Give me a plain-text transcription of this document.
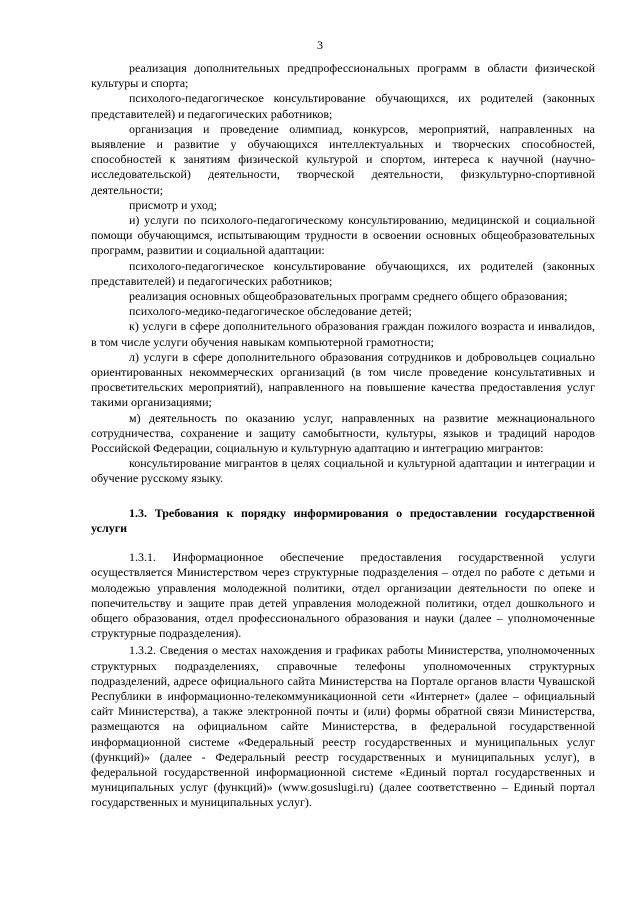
3

реализация дополнительных предпрофессиональных программ в области физической культуры и спорта;

психолого-педагогическое консультирование обучающихся, их родителей (законных представителей) и педагогических работников;

организация и проведение олимпиад, конкурсов, мероприятий, направленных на выявление и развитие у обучающихся интеллектуальных и творческих способностей, способностей к занятиям физической культурой и спортом, интереса к научной (научно-исследовательской) деятельности, творческой деятельности, физкультурно-спортивной деятельности;

присмотр и уход;

и) услуги по психолого-педагогическому консультированию, медицинской и социальной помощи обучающимся, испытывающим трудности в освоении основных общеобразовательных программ, развитии и социальной адаптации:

психолого-педагогическое консультирование обучающихся, их родителей (законных представителей) и педагогических работников;

реализация основных общеобразовательных программ среднего общего образования;

психолого-медико-педагогическое обследование детей;

к) услуги в сфере дополнительного образования граждан пожилого возраста и инвалидов, в том числе услуги обучения навыкам компьютерной грамотности;

л) услуги в сфере дополнительного образования сотрудников и добровольцев социально ориентированных некоммерческих организаций (в том числе проведение консультативных и просветительских мероприятий), направленного на повышение качества предоставления услуг такими организациями;

м) деятельность по оказанию услуг, направленных на развитие межнационального сотрудничества, сохранение и защиту самобытности, культуры, языков и традиций народов Российской Федерации, социальную и культурную адаптацию и интеграцию мигрантов:

консультирование мигрантов в целях социальной и культурной адаптации и интеграции и обучение русскому языку.

1.3. Требования к порядку информирования о предоставлении государственной услуги

1.3.1. Информационное обеспечение предоставления государственной услуги осуществляется Министерством через структурные подразделения – отдел по работе с детьми и молодежью управления молодежной политики, отдел организации деятельности по опеке и попечительству и защите прав детей управления молодежной политики, отдел дошкольного и общего образования, отдел профессионального образования и науки (далее – уполномоченные структурные подразделения).

1.3.2. Сведения о местах нахождения и графиках работы Министерства, уполномоченных структурных подразделениях, справочные телефоны уполномоченных структурных подразделений, адресе официального сайта Министерства на Портале органов власти Чувашской Республики в информационно-телекоммуникационной сети «Интернет» (далее – официальный сайт Министерства), а также электронной почты и (или) формы обратной связи Министерства, размещаются на официальном сайте Министерства, в федеральной государственной информационной системе «Федеральный реестр государственных и муниципальных услуг (функций)» (далее - Федеральный реестр государственных и муниципальных услуг), в федеральной государственной информационной системе «Единый портал государственных и муниципальных услуг (функций)» (www.gosuslugi.ru) (далее соответственно – Единый портал государственных и муниципальных услуг).
